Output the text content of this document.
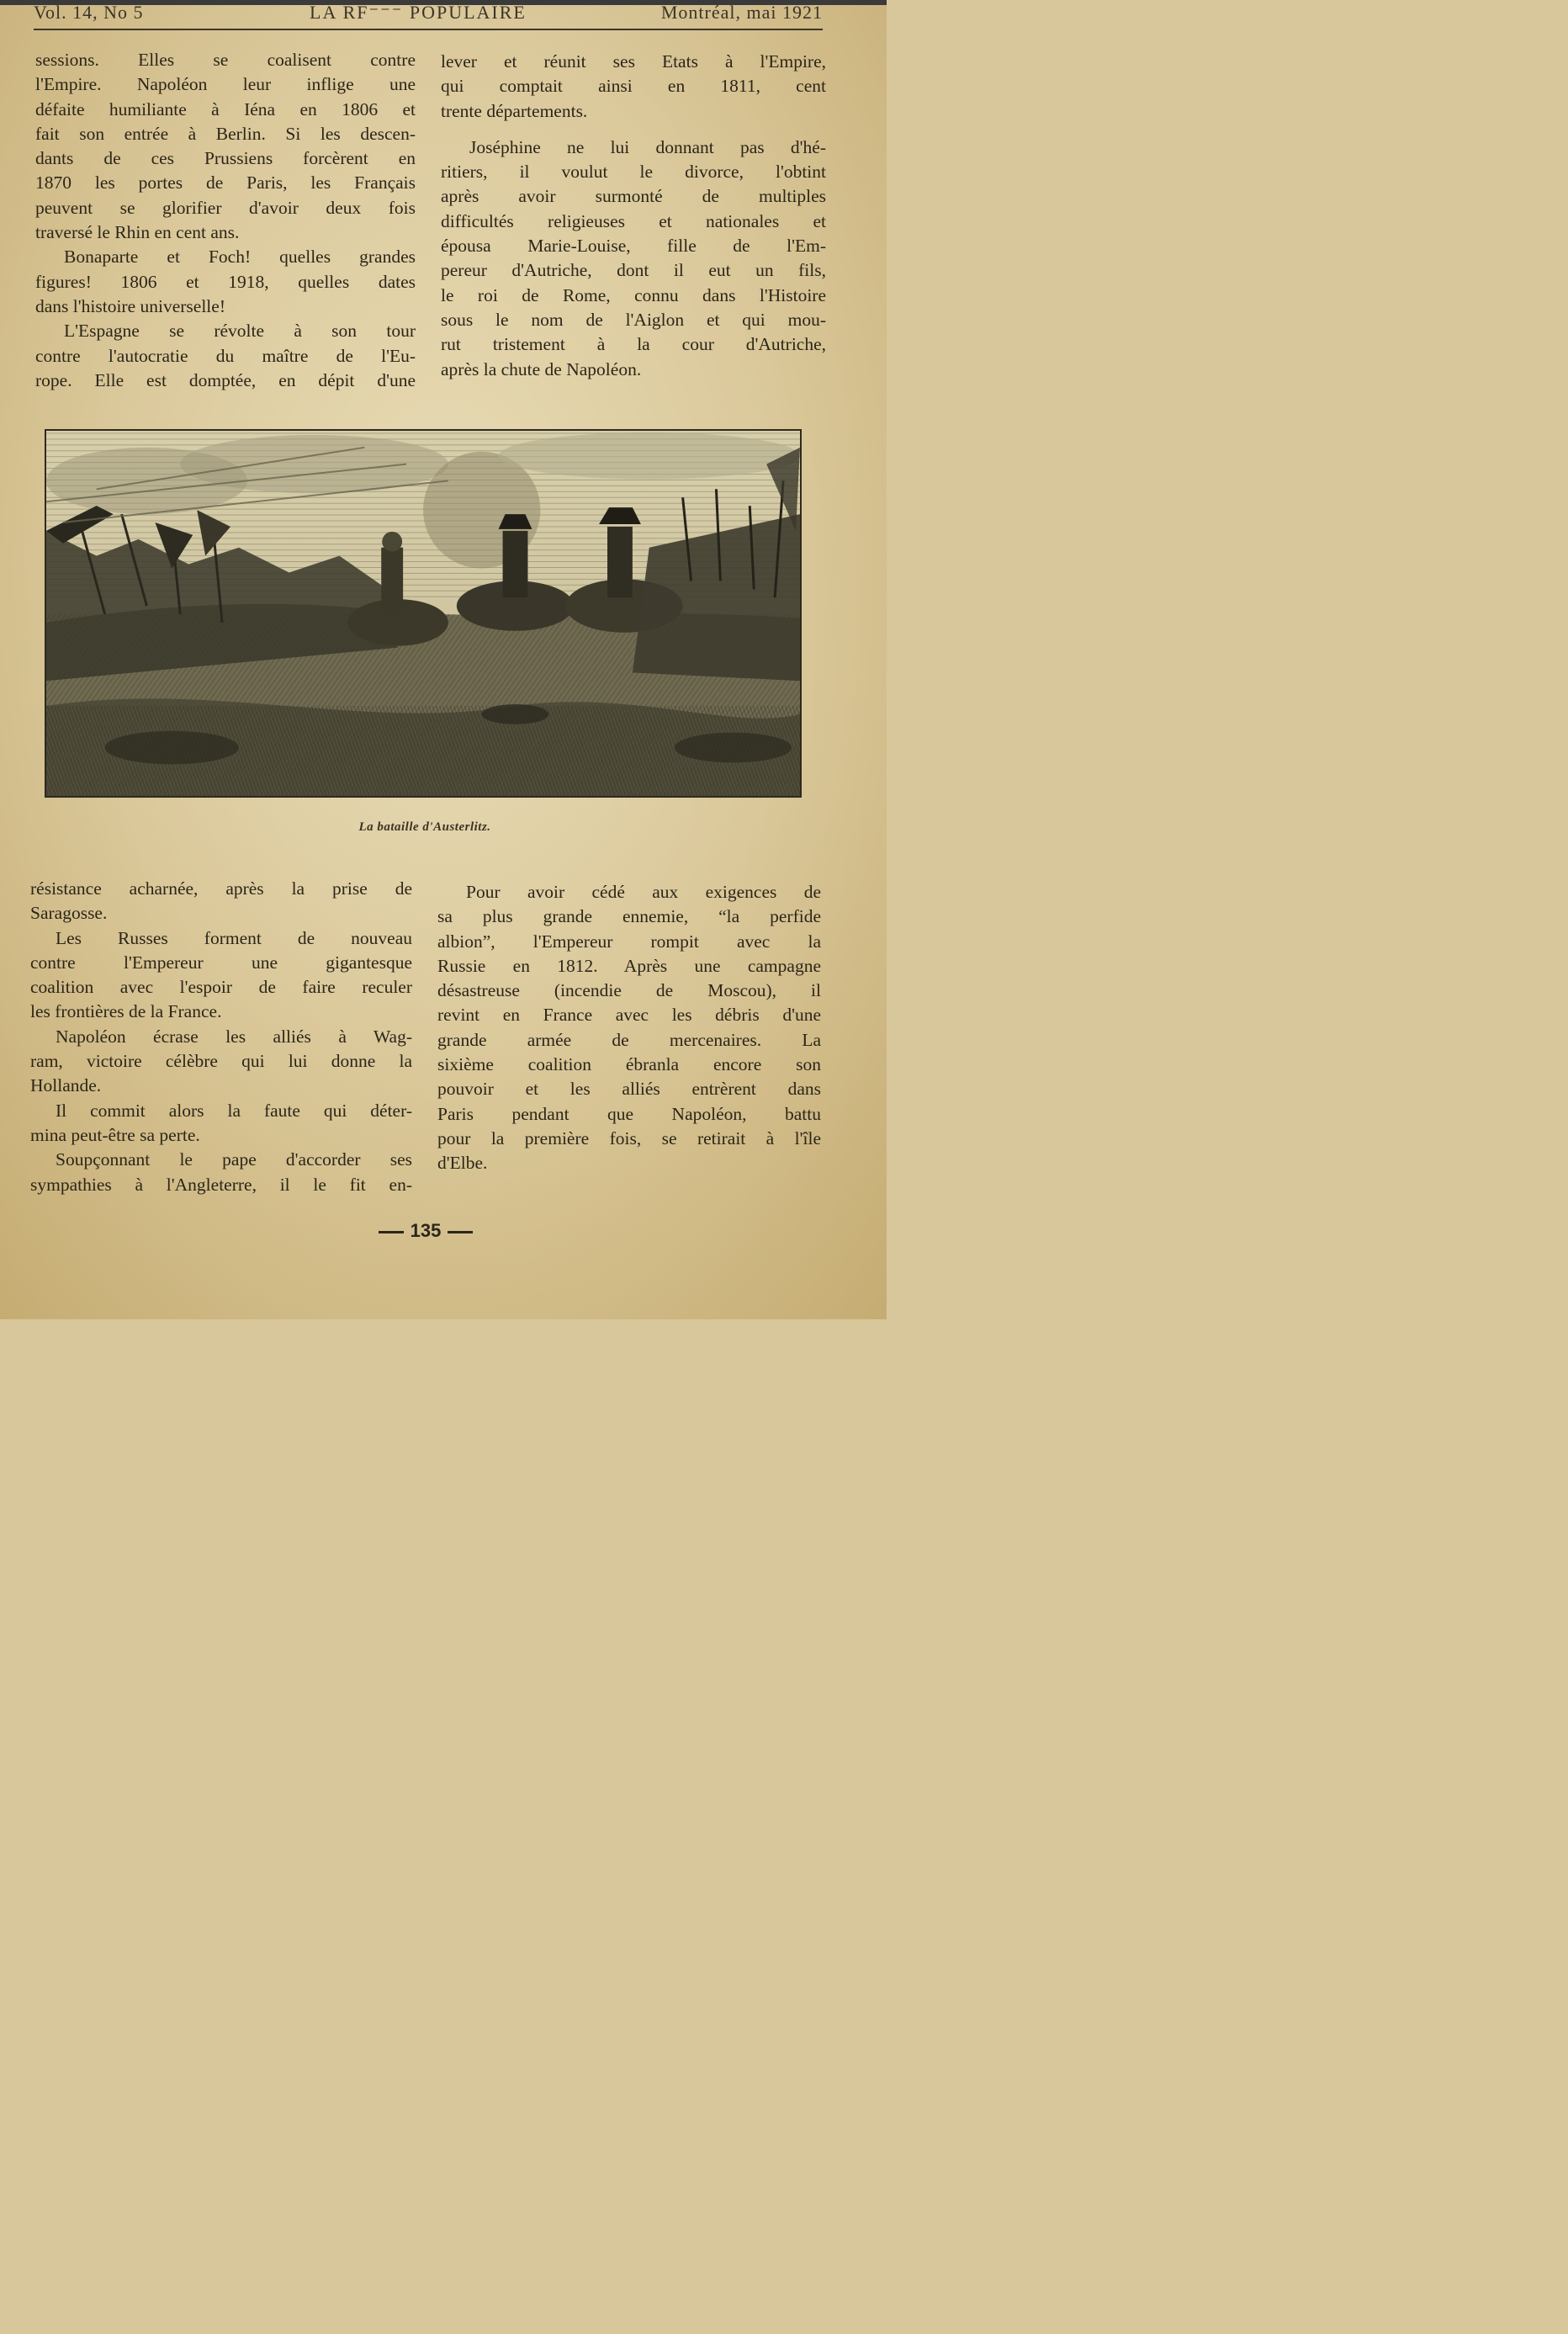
Vol. 14, No 5	LA RF⁻⁻⁻ POPULAIRE	Montréal, mai 1921

sessions. Elles se coalisent contre
l'Empire. Napoléon leur inflige une
défaite humiliante à Iéna en 1806 et
fait son entrée à Berlin. Si les descen-
dants de ces Prussiens forcèrent en
1870 les portes de Paris, les Français
peuvent se glorifier d'avoir deux fois
traversé le Rhin en cent ans.

Bonaparte et Foch! quelles grandes

figures! 1806 et 1918, quelles dates
dans l'histoire universelle!

L'Espagne se révolte à son tour

contre l'autocratie du maître de l'Eu-
rope. Elle est domptée, en dépit d'une

lever et réunit ses Etats à l'Empire,
qui comptait ainsi en 1811, cent
trente départements.

Joséphine ne lui donnant pas d'hé-

ritiers, il voulut le divorce, l'obtint
après avoir surmonté de multiples
difficultés religieuses et nationales et
épousa Marie-Louise, fille de l'Em-
pereur d'Autriche, dont il eut un fils,
le roi de Rome, connu dans l'Histoire
sous le nom de l'Aiglon et qui mou-
rut tristement à la cour d'Autriche,
après la chute de Napoléon.

La bataille d'Austerlitz.

résistance acharnée, après la prise de
Saragosse.

Les Russes forment de nouveau

contre l'Empereur une gigantesque
coalition avec l'espoir de faire reculer
les frontières de la France.

Napoléon écrase les alliés à Wag-

ram, victoire célèbre qui lui donne la
Hollande.

Il commit alors la faute qui déter-

mina peut-être sa perte.

Soupçonnant le pape d'accorder ses

sympathies à l'Angleterre, il le fit en-

Pour avoir cédé aux exigences de

sa plus grande ennemie, “la perfide
albion”, l'Empereur rompit avec la
Russie en 1812. Après une campagne
désastreuse (incendie de Moscou), il
revint en France avec les débris d'une
grande armée de mercenaires. La
sixième coalition ébranla encore son
pouvoir et les alliés entrèrent dans
Paris pendant que Napoléon, battu
pour la première fois, se retirait à l'île
d'Elbe.

135
